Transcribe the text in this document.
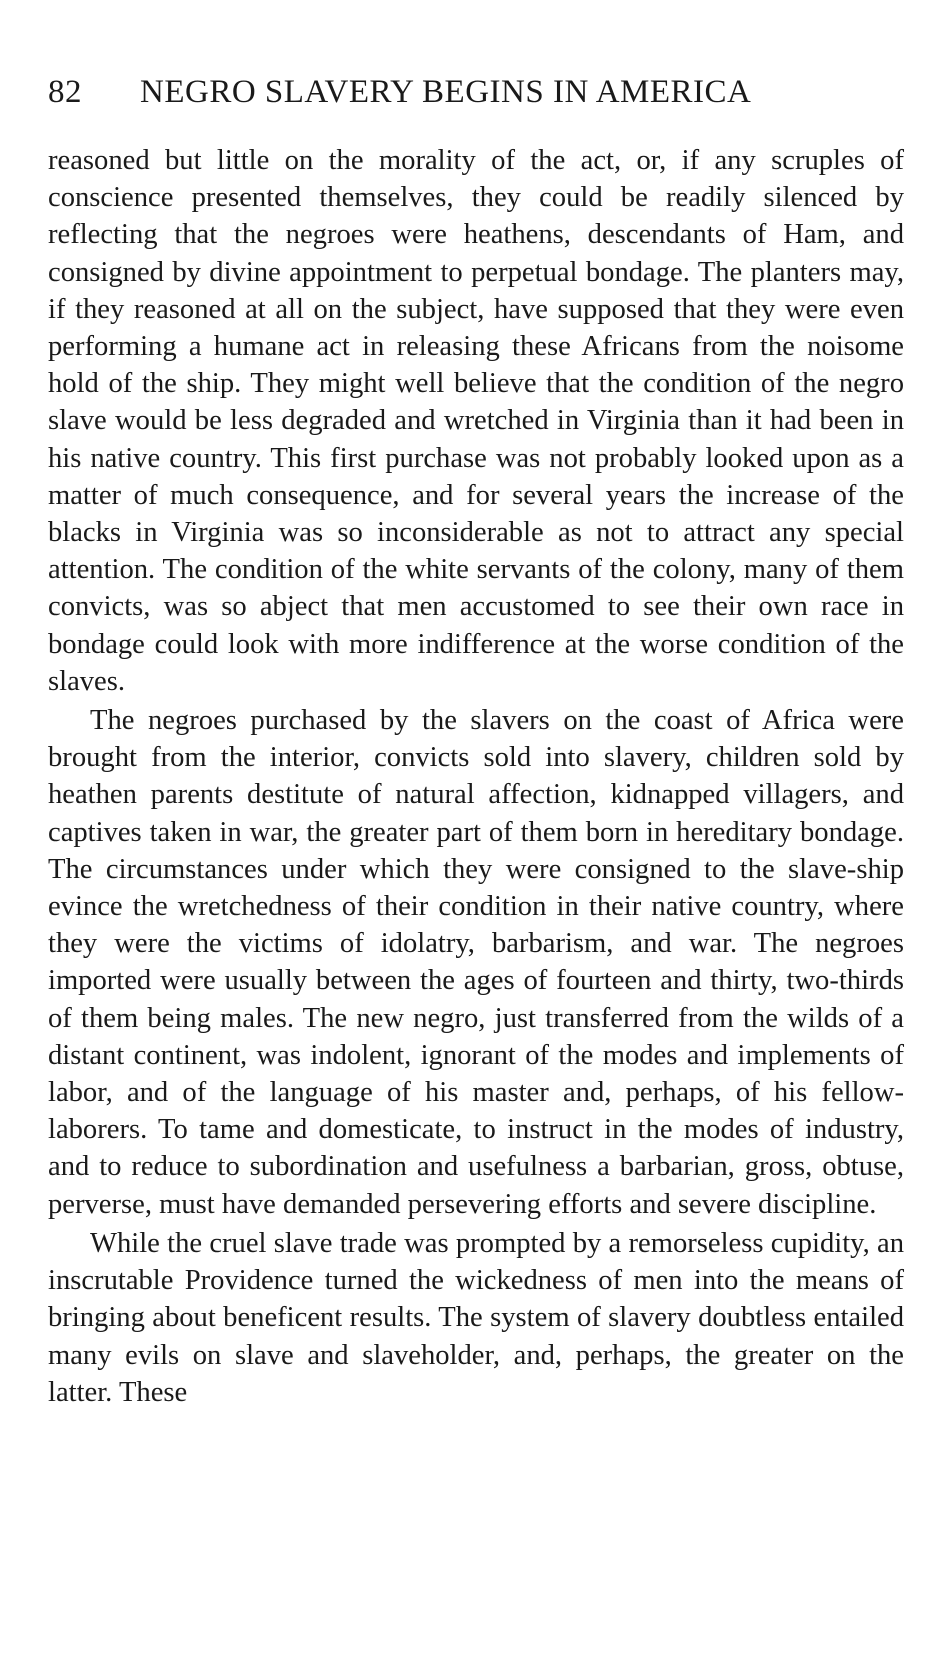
82 NEGRO SLAVERY BEGINS IN AMERICA

reasoned but little on the morality of the act, or, if any scruples of conscience presented themselves, they could be readily silenced by reflecting that the negroes were heathens, descendants of Ham, and consigned by divine appointment to perpetual bondage. The planters may, if they reasoned at all on the subject, have supposed that they were even performing a humane act in releasing these Africans from the noisome hold of the ship. They might well believe that the condition of the negro slave would be less degraded and wretched in Virginia than it had been in his native country. This first purchase was not probably looked upon as a matter of much consequence, and for several years the increase of the blacks in Virginia was so inconsiderable as not to attract any special attention. The condition of the white servants of the colony, many of them convicts, was so abject that men accustomed to see their own race in bondage could look with more indifference at the worse condition of the slaves.

The negroes purchased by the slavers on the coast of Africa were brought from the interior, convicts sold into slavery, children sold by heathen parents destitute of natural affection, kidnapped villagers, and captives taken in war, the greater part of them born in hereditary bondage. The circumstances under which they were consigned to the slave-ship evince the wretchedness of their condition in their native country, where they were the victims of idolatry, barbarism, and war. The negroes imported were usually between the ages of fourteen and thirty, two-thirds of them being males. The new negro, just transferred from the wilds of a distant continent, was indolent, ignorant of the modes and implements of labor, and of the language of his master and, perhaps, of his fellow-laborers. To tame and domesticate, to instruct in the modes of industry, and to reduce to subordination and usefulness a barbarian, gross, obtuse, perverse, must have demanded persevering efforts and severe discipline.

While the cruel slave trade was prompted by a remorseless cupidity, an inscrutable Providence turned the wickedness of men into the means of bringing about beneficent results. The system of slavery doubtless entailed many evils on slave and slaveholder, and, perhaps, the greater on the latter. These
